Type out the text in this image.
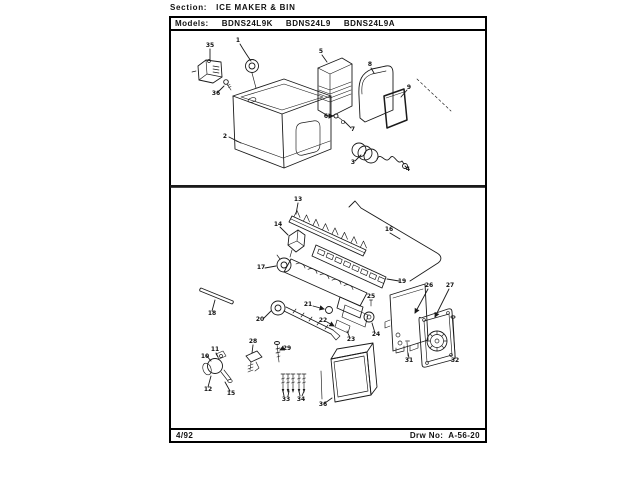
Section: ICE MAKER & BIN
Models: BDNS24L9K BDNS24L9 BDNS24L9A
4/92	Drw No: A-56-20
35
36
1
2
5
8
9
6
7
3
4
13
16
14
17
19
18
20
21
22
23
24
25
26 27
28
29
10
11
12
15
31	32
33 34
36
